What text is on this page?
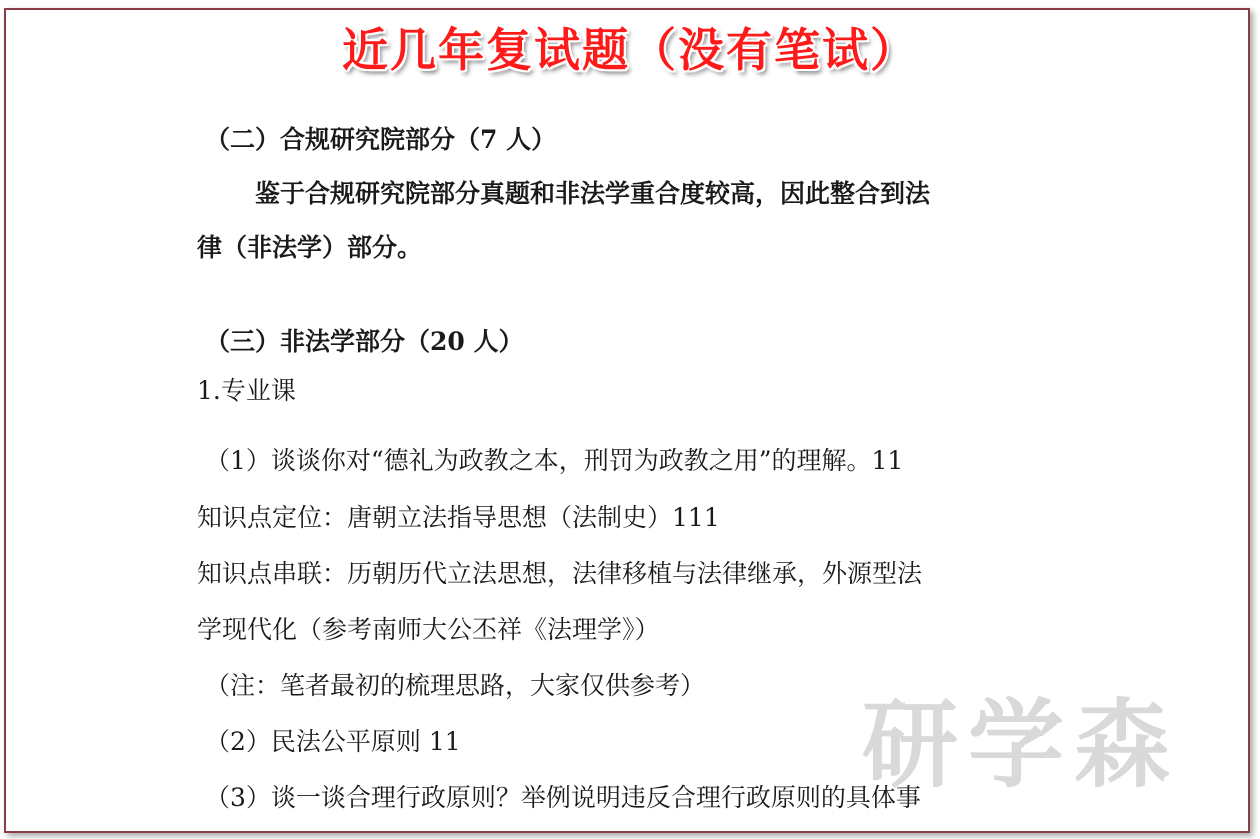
近几年复试题（没有笔试）
（二）合规研究院部分（7 人）
鉴于合规研究院部分真题和非法学重合度较高，因此整合到法
律（非法学）部分。
（三）非法学部分（20 人）
1.专业课
（1）谈谈你对“德礼为政教之本，刑罚为政教之用”的理解。11
知识点定位：唐朝立法指导思想（法制史）111
知识点串联：历朝历代立法思想，法律移植与法律继承，外源型法
学现代化（参考南师大公丕祥《法理学》）
（注：笔者最初的梳理思路，大家仅供参考）
（2）民法公平原则 11
（3）谈一谈合理行政原则？举例说明违反合理行政原则的具体事
研学森
